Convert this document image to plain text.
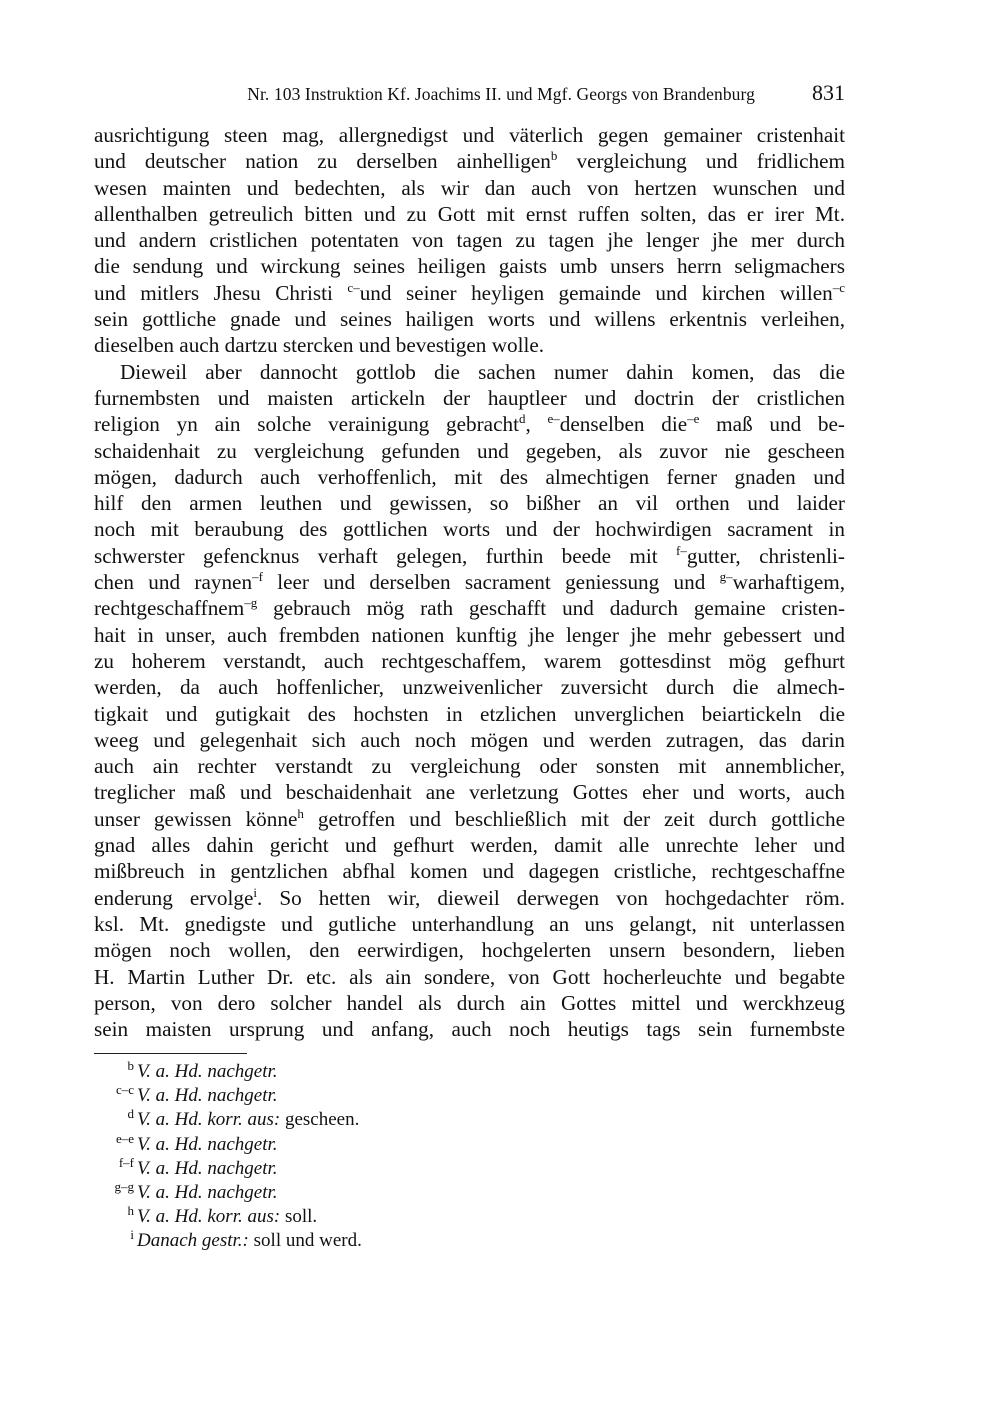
Nr. 103 Instruktion Kf. Joachims II. und Mgf. Georgs von Brandenburg	831
ausrichtigung steen mag, allergnedigst und väterlich gegen gemainer cristenhait
und deutscher nation zu derselben ainhelligen$^b$ vergleichung und fridlichem
wesen mainten und bedechten, als wir dan auch von hertzen wunschen und
allenthalben getreulich bitten und zu Gott mit ernst ruffen solten, das er irer Mt.
und andern cristlichen potentaten von tagen zu tagen jhe lenger jhe mer durch
die sendung und wirckung seines heiligen gaists umb unsers herrn seligmachers
und mitlers Jhesu Christi $^{c-}$und seiner heyligen gemainde und kirchen willen$^{-c}$
sein gottliche gnade und seines hailigen worts und willens erkentnis verleihen,
dieselben auch dartzu stercken und bevestigen wolle.
Dieweil aber dannocht gottlob die sachen numer dahin komen, das die
furnembsten und maisten artickeln der hauptleer und doctrin der cristlichen
religion yn ain solche verainigung gebracht$^d$, $^{e-}$denselben die$^{-e}$ maß und be-
schaidenhait zu vergleichung gefunden und gegeben, als zuvor nie gescheen
mögen, dadurch auch verhoffenlich, mit des almechtigen ferner gnaden und
hilf den armen leuthen und gewissen, so bißher an vil orthen und laider
noch mit beraubung des gottlichen worts und der hochwirdigen sacrament in
schwerster gefencknus verhaft gelegen, furthin beede mit $^{f-}$gutter, christenli-
chen und raynen$^{-f}$ leer und derselben sacrament geniessung und $^{g-}$warhaftigem,
rechtgeschaffnem$^{-g}$ gebrauch mög rath geschafft und dadurch gemaine cristen-
hait in unser, auch frembden nationen kunftig jhe lenger jhe mehr gebessert und
zu hoherem verstandt, auch rechtgeschaffem, warem gottesdinst mög gefhurt
werden, da auch hoffenlicher, unzweivenlicher zuversicht durch die almech-
tigkait und gutigkait des hochsten in etzlichen unverglichen beiartickeln die
weeg und gelegenhait sich auch noch mögen und werden zutragen, das darin
auch ain rechter verstandt zu vergleichung oder sonsten mit annemblicher,
treglicher maß und beschaidenhait ane verletzung Gottes eher und worts, auch
unser gewissen könne$^h$ getroffen und beschließlich mit der zeit durch gottliche
gnad alles dahin gericht und gefhurt werden, damit alle unrechte leher und
mißbreuch in gentzlichen abfhal komen und dagegen cristliche, rechtgeschaffne
enderung ervolge$^i$. So hetten wir, dieweil derwegen von hochgedachter röm.
ksl. Mt. gnedigste und gutliche unterhandlung an uns gelangt, nit unterlassen
mögen noch wollen, den eerwirdigen, hochgelerten unsern besondern, lieben
H. Martin Luther Dr. etc. als ain sondere, von Gott hocherleuchte und begabte
person, von dero solcher handel als durch ain Gottes mittel und werckhzeug
sein maisten ursprung und anfang, auch noch heutigs tags sein furnembste
b V. a. Hd. nachgetr.
c–c V. a. Hd. nachgetr.
d V. a. Hd. korr. aus: gescheen.
e–e V. a. Hd. nachgetr.
f–f V. a. Hd. nachgetr.
g–g V. a. Hd. nachgetr.
h V. a. Hd. korr. aus: soll.
i Danach gestr.: soll und werd.
